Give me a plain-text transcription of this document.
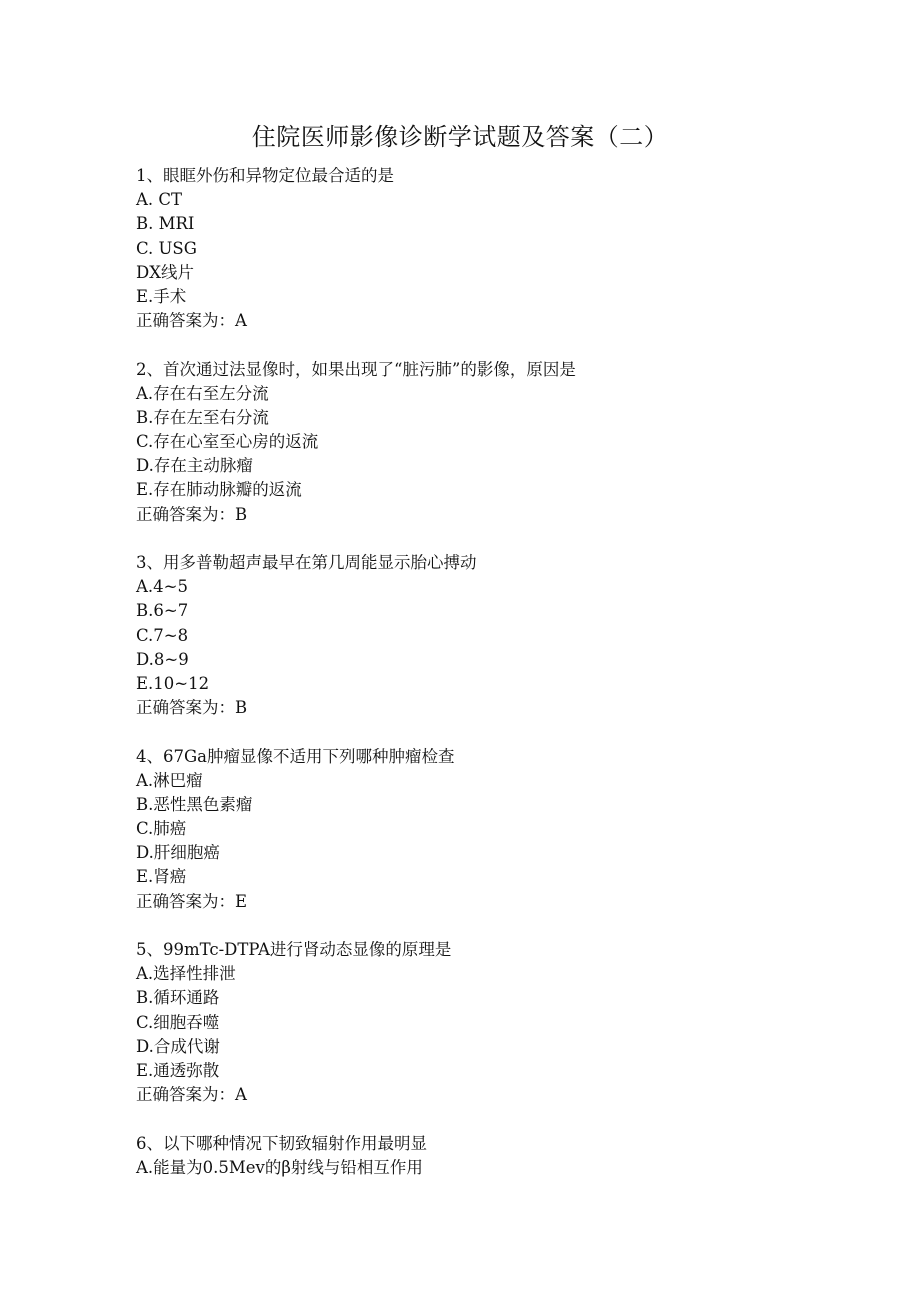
住院医师影像诊断学试题及答案（二）
1、眼眶外伤和异物定位最合适的是
A. CT
B. MRI
C. USG
DX线片
E.手术
正确答案为：A
2、首次通过法显像时，如果出现了“脏污肺”的影像，原因是
A.存在右至左分流
B.存在左至右分流
C.存在心室至心房的返流
D.存在主动脉瘤
E.存在肺动脉瓣的返流
正确答案为：B
3、用多普勒超声最早在第几周能显示胎心搏动
A.4~5
B.6~7
C.7~8
D.8~9
E.10~12
正确答案为：B
4、67Ga肿瘤显像不适用下列哪种肿瘤检查
A.淋巴瘤
B.恶性黑色素瘤
C.肺癌
D.肝细胞癌
E.肾癌
正确答案为：E
5、99mTc-DTPA进行肾动态显像的原理是
A.选择性排泄
B.循环通路
C.细胞吞噬
D.合成代谢
E.通透弥散
正确答案为：A
6、以下哪种情况下韧致辐射作用最明显
A.能量为0.5Mev的β射线与铅相互作用
